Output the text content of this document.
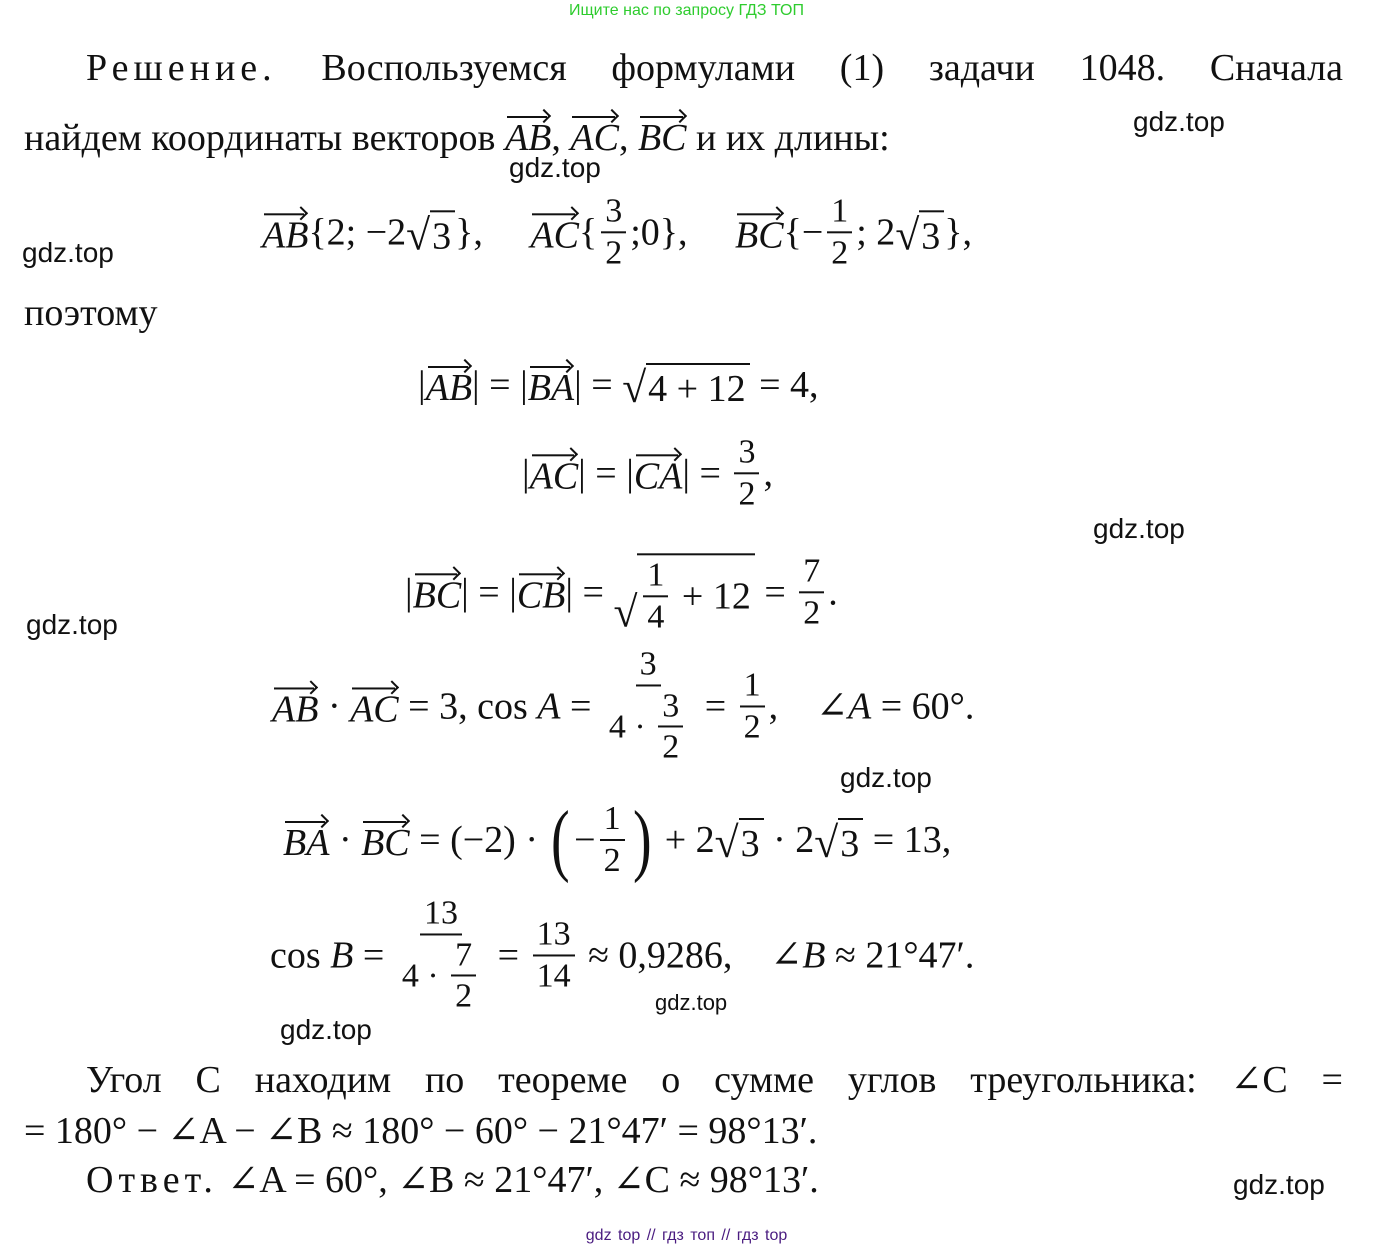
Ищите нас по запросу ГДЗ ТОП
Решение. Воспользуемся формулами (1) задачи 1048. Сначала
найдем координаты векторов AB, AC, BC и их длины:
AB {2; −2 √ 3 }, AC { $\frac{3}{2}$ ;0}, BC {− $\frac{1}{2}$ ; 2 √ 3 },
поэтому
| AB | = | BA | = √ 4 + 12 = 4,
| AC | = | CA | = $\frac{3}{2}$ ,
| BC | = | CB | = √ $\frac{1}{4} + 12 = \frac{7}{2}$ .
AB · AC = 3, $\cos A = \frac{3}{4 \cdot \frac{3}{2}} = \frac{1}{2}$ ,    ∠ A = 60°.
BA · BC = (−2) · ( − $\frac{1}{2}$ ) + 2 √ 3 · 2 √ 3 = 13,
$\cos B = \frac{13}{4 \cdot \frac{7}{2}} = \frac{13}{14} \approx 0,9286$,    ∠ B ≈ 21°47′.
Угол C находим по теореме о сумме углов треугольника: ∠C =
= 180° − ∠A − ∠B ≈ 180° − 60° − 21°47′ = 98°13′.
Ответ. ∠A = 60°, ∠B ≈ 21°47′, ∠C ≈ 98°13′.
gdz.top
gdz.top
gdz.top
gdz.top
gdz.top
gdz.top
gdz.top
gdz.top
gdz.top
gdz top // гдз топ // гдз top
